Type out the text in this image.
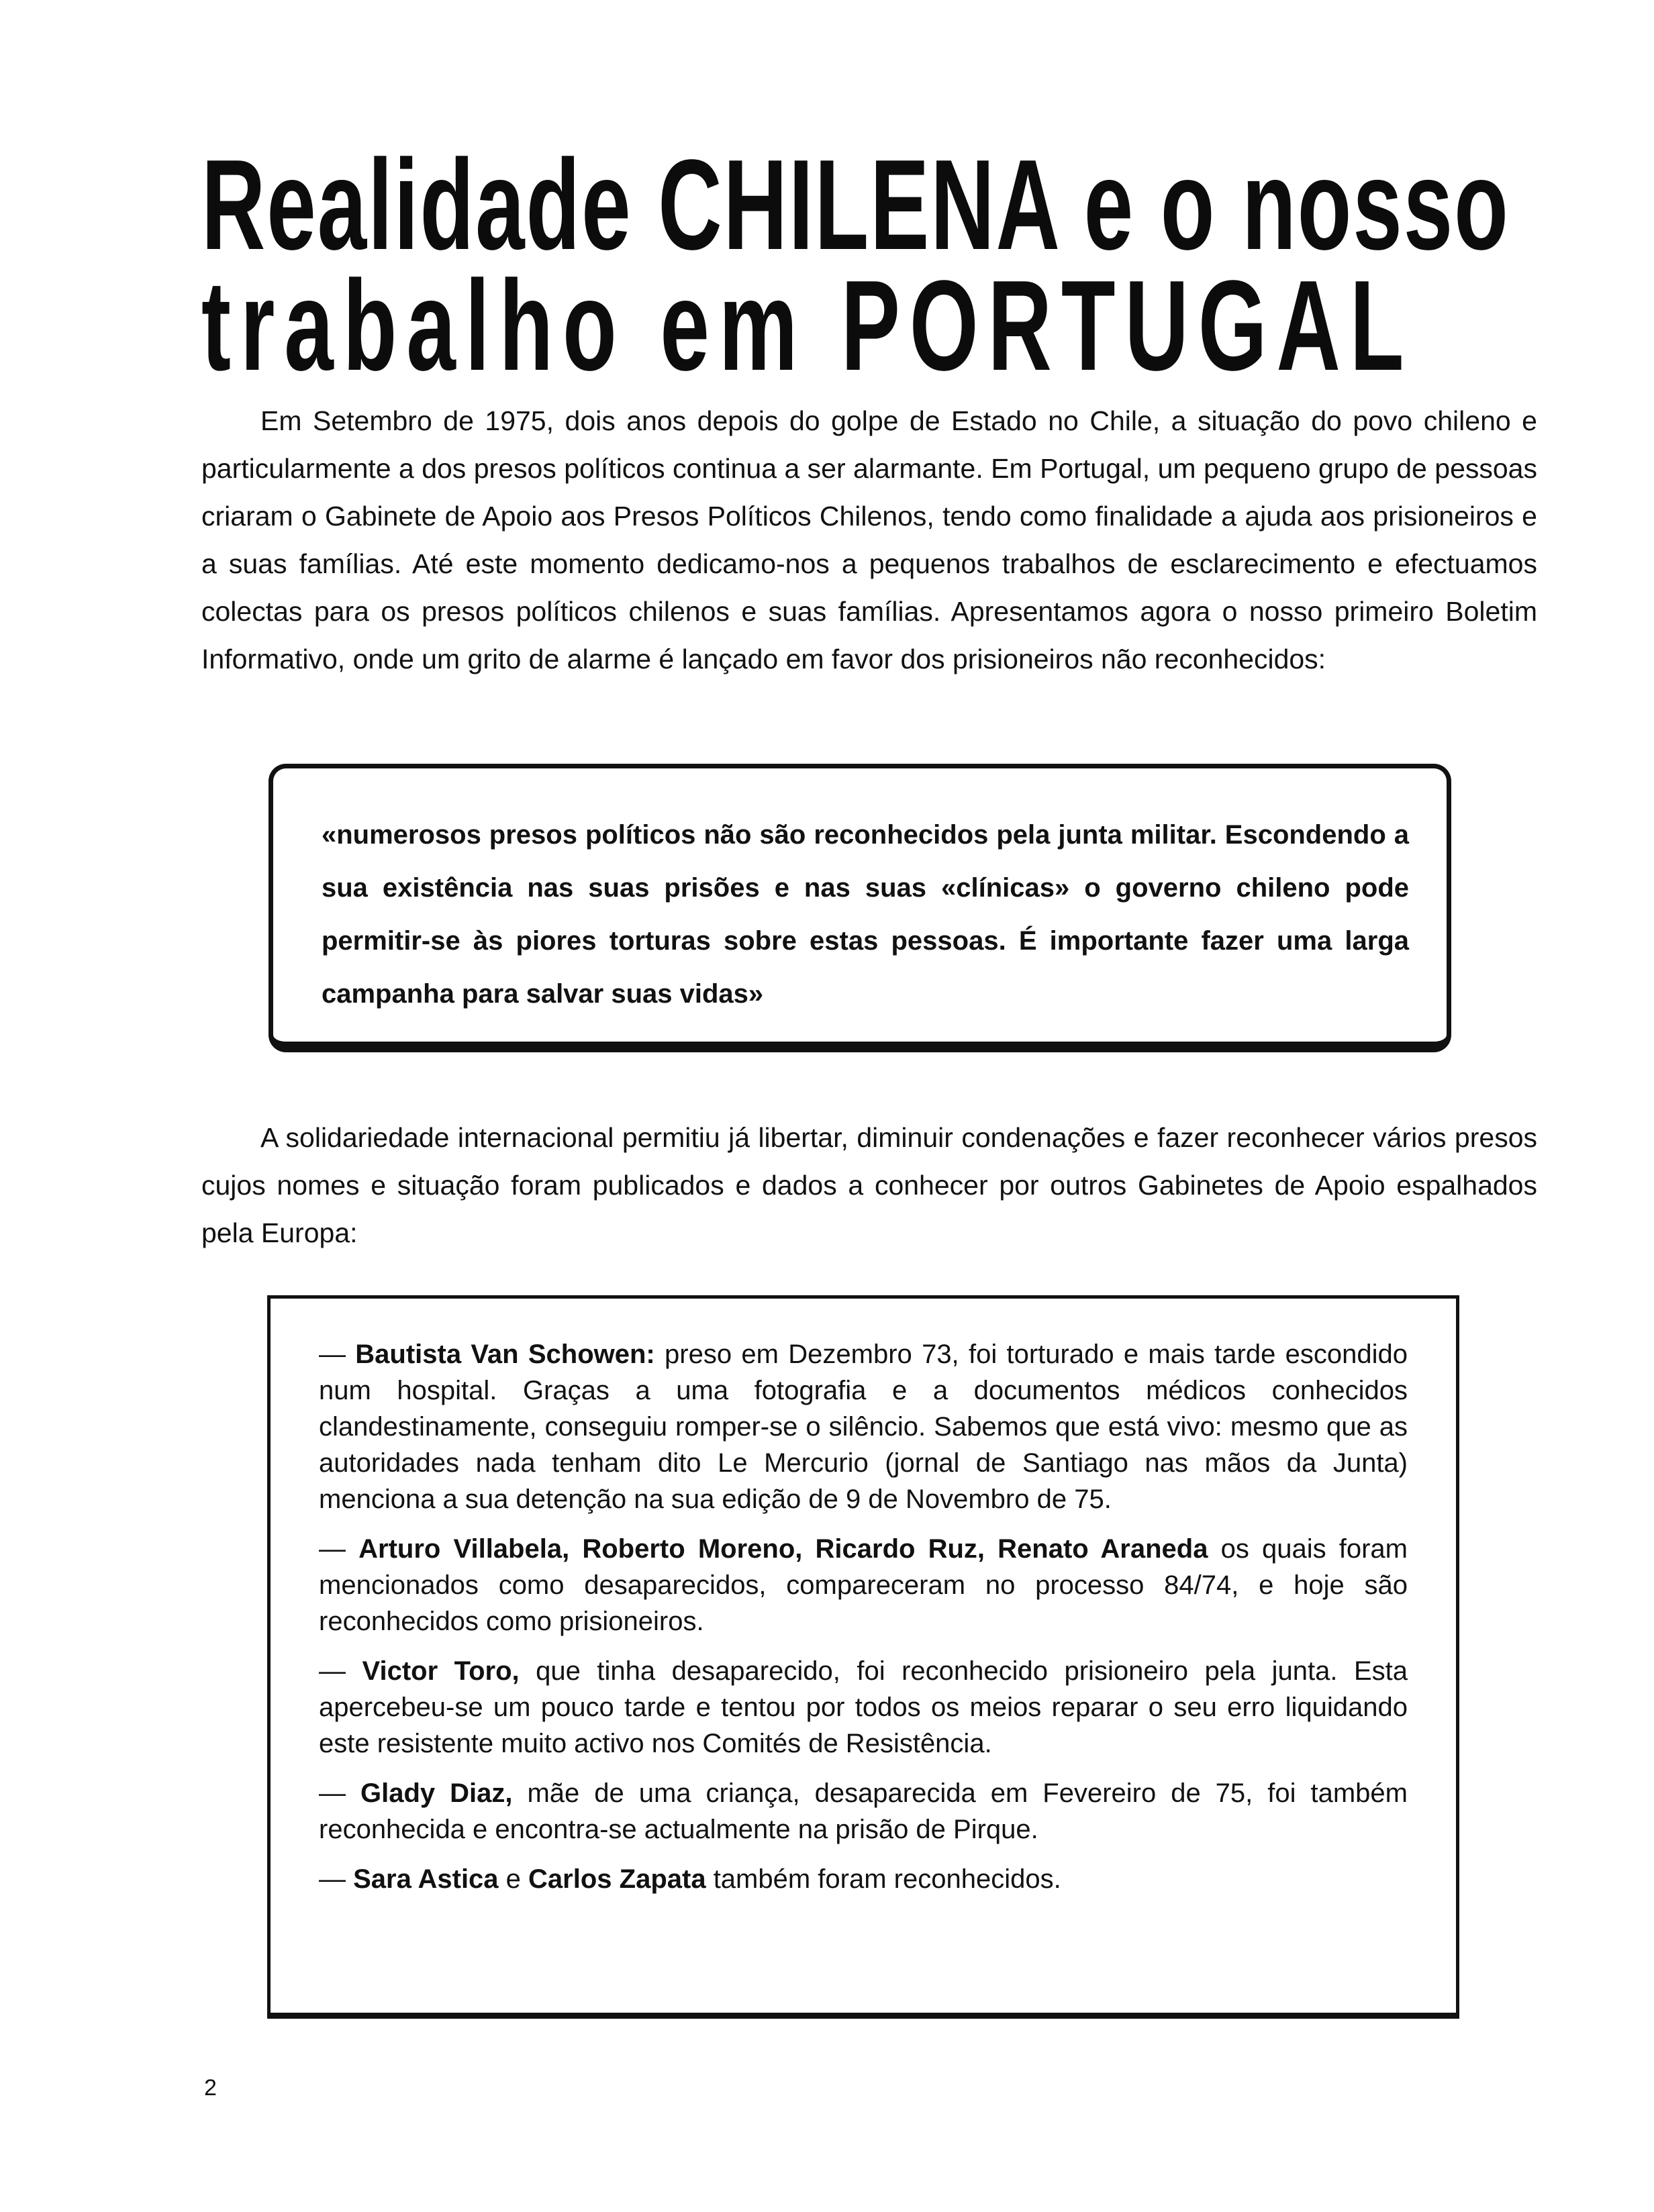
Realidade CHILENA e o nosso
trabalho em PORTUGAL

Em Setembro de 1975, dois anos depois do golpe de Estado no Chile, a situação do povo chileno e particularmente a dos presos políticos continua a ser alarmante. Em Portugal, um pequeno grupo de pessoas criaram o Gabinete de Apoio aos Presos Políticos Chilenos, tendo como finalidade a ajuda aos prisioneiros e a suas famílias. Até este momento dedicamo-nos a pequenos trabalhos de esclarecimento e efectuamos colectas para os presos políticos chilenos e suas famílias. Apresentamos agora o nosso primeiro Boletim Informativo, onde um grito de alarme é lançado em favor dos prisioneiros não reconhecidos:

«numerosos presos políticos não são reconhecidos pela junta militar. Escondendo a sua existência nas suas prisões e nas suas «clínicas» o governo chileno pode permitir-se às piores torturas sobre estas pessoas. É importante fazer uma larga campanha para salvar suas vidas»

A solidariedade internacional permitiu já libertar, diminuir condenações e fazer reconhecer vários presos cujos nomes e situação foram publicados e dados a conhecer por outros Gabinetes de Apoio espalhados pela Europa:

— Bautista Van Schowen: preso em Dezembro 73, foi torturado e mais tarde escondido num hospital. Graças a uma fotografia e a documentos médicos conhecidos clandestinamente, conseguiu romper-se o silêncio. Sabemos que está vivo: mesmo que as autoridades nada tenham dito Le Mercurio (jornal de Santiago nas mãos da Junta) menciona a sua detenção na sua edição de 9 de Novembro de 75.

— Arturo Villabela, Roberto Moreno, Ricardo Ruz, Renato Araneda os quais foram mencionados como desaparecidos, compareceram no processo 84/74, e hoje são reconhecidos como prisioneiros.

— Victor Toro, que tinha desaparecido, foi reconhecido prisioneiro pela junta. Esta apercebeu-se um pouco tarde e tentou por todos os meios reparar o seu erro liquidando este resistente muito activo nos Comités de Resistência.

— Glady Diaz, mãe de uma criança, desaparecida em Fevereiro de 75, foi também reconhecida e encontra-se actualmente na prisão de Pirque.

— Sara Astica e Carlos Zapata também foram reconhecidos.

2
